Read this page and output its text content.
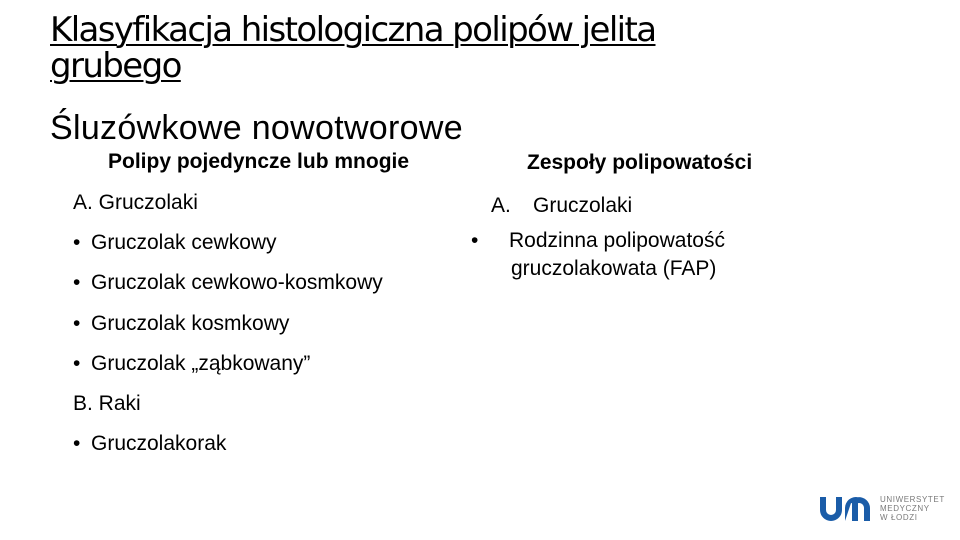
Klasyfikacja histologiczna polipów jelita
grubego
Śluzówkowe nowotworowe
Polipy pojedyncze lub mnogie	Zespoły polipowatości
A. Gruczolaki
• Gruczolak cewkowy
• Gruczolak cewkowo-kosmkowy
• Gruczolak kosmkowy
• Gruczolak „ząbkowany”
B. Raki
• Gruczolakorak
A. Gruczolaki
• Rodzinna polipowatość gruczolakowata (FAP)
UNIWERSYTET
MEDYCZNY
W ŁODZI
